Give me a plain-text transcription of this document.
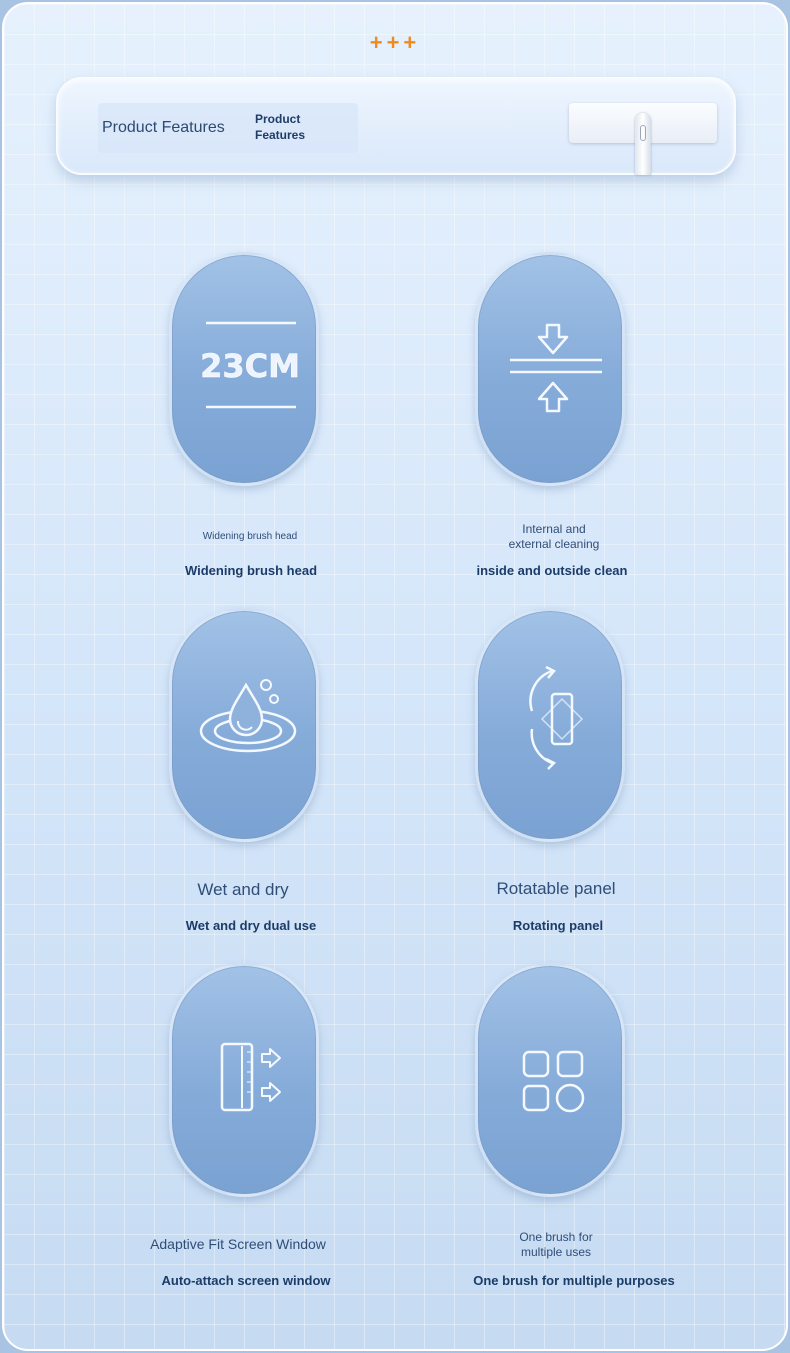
+++
Product Features	Product Features
23CM
Widening brush head
Widening brush head
Internal and
external cleaning
inside and outside clean
Wet and dry
Wet and dry dual use
Rotatable panel
Rotating panel
Adaptive Fit Screen Window
Auto-attach screen window
One brush for
multiple uses
One brush for multiple purposes
